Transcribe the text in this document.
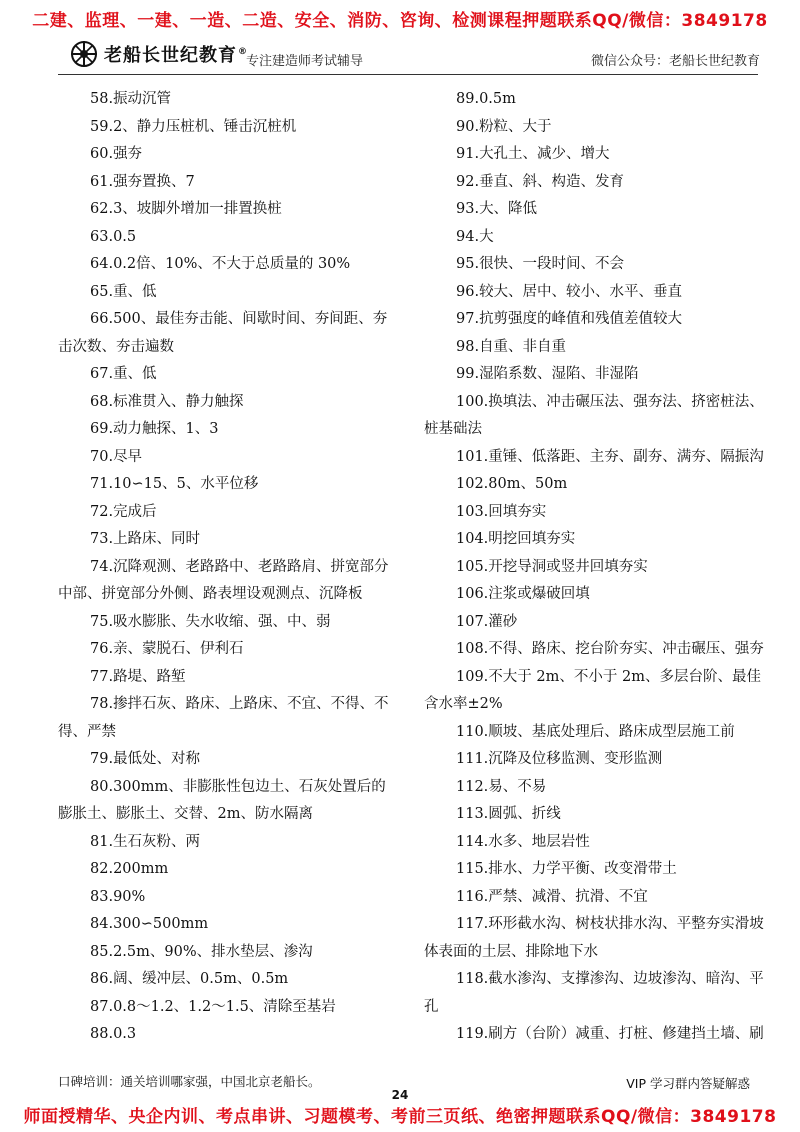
二建、监理、一建、一造、二造、安全、消防、咨询、检测课程押题联系QQ/微信：3849178
老船长世纪教育®
专注建造师考试辅导	微信公众号：老船长世纪教育

58.振动沉管

59.2、静力压桩机、锤击沉桩机

60.强夯

61.强夯置换、7

62.3、坡脚外增加一排置换桩

63.0.5

64.0.2倍、10%、不大于总质量的 30%

65.重、低

66.500、最佳夯击能、间歇时间、夯间距、夯击次数、夯击遍数

67.重、低

68.标准贯入、静力触探

69.动力触探、1、3

70.尽早

71.10∽15、5、水平位移

72.完成后

73.上路床、同时

74.沉降观测、老路路中、老路路肩、拼宽部分中部、拼宽部分外侧、路表埋设观测点、沉降板

75.吸水膨胀、失水收缩、强、中、弱

76.亲、蒙脱石、伊利石

77.路堤、路堑

78.掺拌石灰、路床、上路床、不宜、不得、不得、严禁

79.最低处、对称

80.300mm、非膨胀性包边土、石灰处置后的膨胀土、膨胀土、交替、2m、防水隔离

81.生石灰粉、两

82.200mm

83.90%

84.300∽500mm

85.2.5m、90%、排水垫层、渗沟

86.阔、缓冲层、0.5m、0.5m

87.0.8～1.2、1.2～1.5、清除至基岩

88.0.3

89.0.5m

90.粉粒、大于

91.大孔土、减少、增大

92.垂直、斜、构造、发育

93.大、降低

94.大

95.很快、一段时间、不会

96.较大、居中、较小、水平、垂直

97.抗剪强度的峰值和残值差值较大

98.自重、非自重

99.湿陷系数、湿陷、非湿陷

100.换填法、冲击碾压法、强夯法、挤密桩法、桩基础法

101.重锤、低落距、主夯、副夯、满夯、隔振沟

102.80m、50m

103.回填夯实

104.明挖回填夯实

105.开挖导洞或竖井回填夯实

106.注浆或爆破回填

107.灌砂

108.不得、路床、挖台阶夯实、冲击碾压、强夯

109.不大于 2m、不小于 2m、多层台阶、最佳含水率±2%

110.顺坡、基底处理后、路床成型层施工前

111.沉降及位移监测、变形监测

112.易、不易

113.圆弧、折线

114.水多、地层岩性

115.排水、力学平衡、改变滑带土

116.严禁、减滑、抗滑、不宜

117.环形截水沟、树枝状排水沟、平整夯实滑坡体表面的土层、排除地下水

118.截水渗沟、支撑渗沟、边坡渗沟、暗沟、平孔

119.刷方（台阶）减重、打桩、修建挡土墙、刷

口碑培训：通关培训哪家强，中国北京老船长。
24
VIP 学习群内答疑解惑
师面授精华、央企内训、考点串讲、习题模考、考前三页纸、绝密押题联系QQ/微信：3849178
